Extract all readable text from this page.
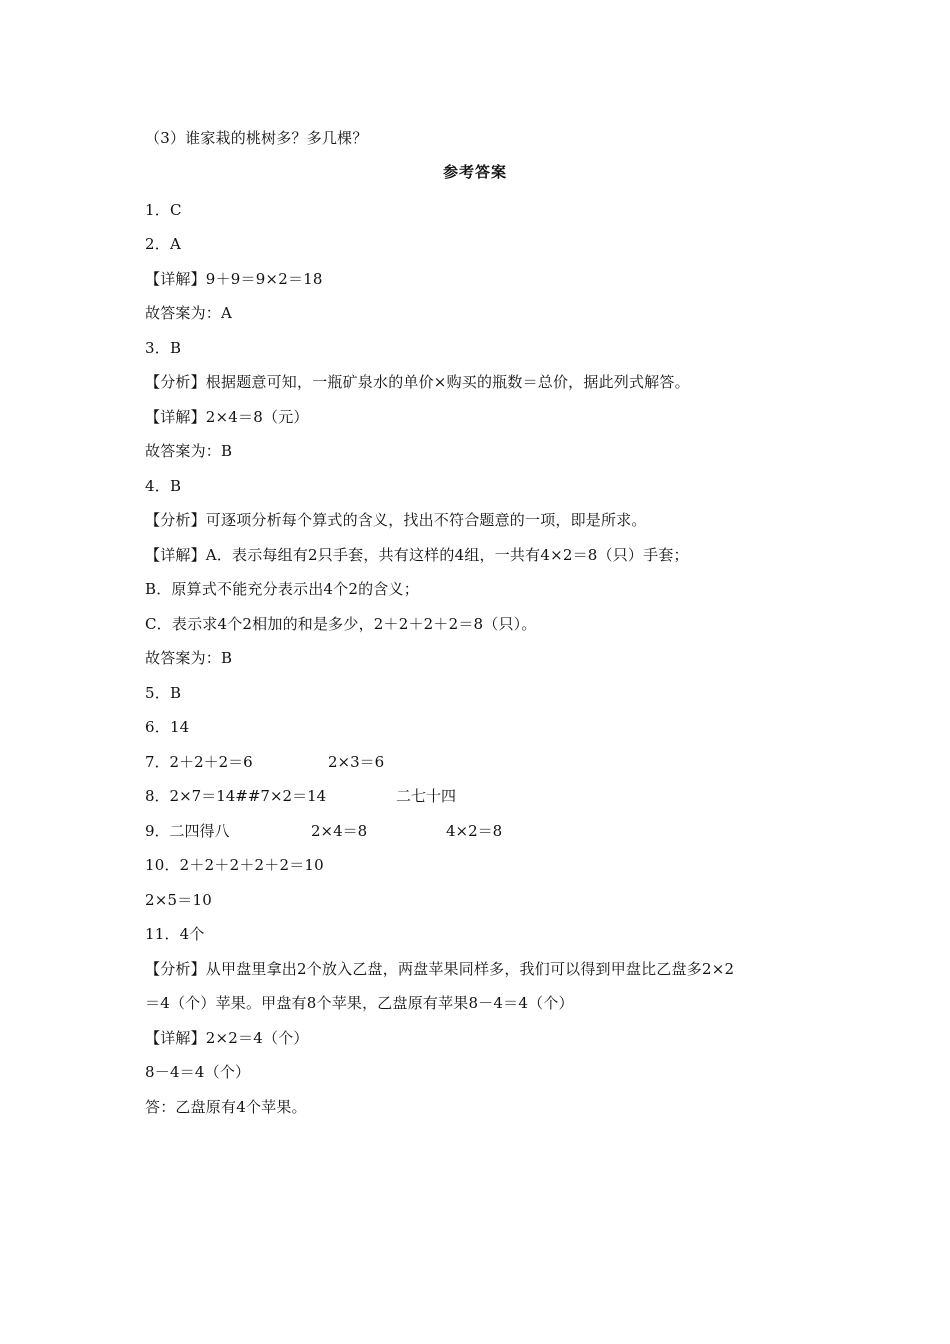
（3）谁家栽的桃树多？多几棵？
参考答案
1．C
2．A
【详解】9＋9＝9×2＝18
故答案为：A
3．B
【分析】根据题意可知，一瓶矿泉水的单价×购买的瓶数＝总价，据此列式解答。
【详解】2×4＝8（元）
故答案为：B
4．B
【分析】可逐项分析每个算式的含义，找出不符合题意的一项，即是所求。
【详解】A．表示每组有2只手套，共有这样的4组，一共有4×2＝8（只）手套；
B．原算式不能充分表示出4个2的含义；
C．表示求4个2相加的和是多少，2＋2＋2＋2＝8（只）。
故答案为：B
5．B
6．14
7．2＋2＋2＝6	2×3＝6
8．2×7＝14##7×2＝14	二七十四
9．二四得八	2×4＝8	4×2＝8
10．2＋2＋2＋2＋2＝10
2×5＝10
11．4个
【分析】从甲盘里拿出2个放入乙盘，两盘苹果同样多，我们可以得到甲盘比乙盘多2×2
＝4（个）苹果。甲盘有8个苹果，乙盘原有苹果8－4＝4（个）
【详解】2×2＝4（个）
8－4＝4（个）
答：乙盘原有4个苹果。
